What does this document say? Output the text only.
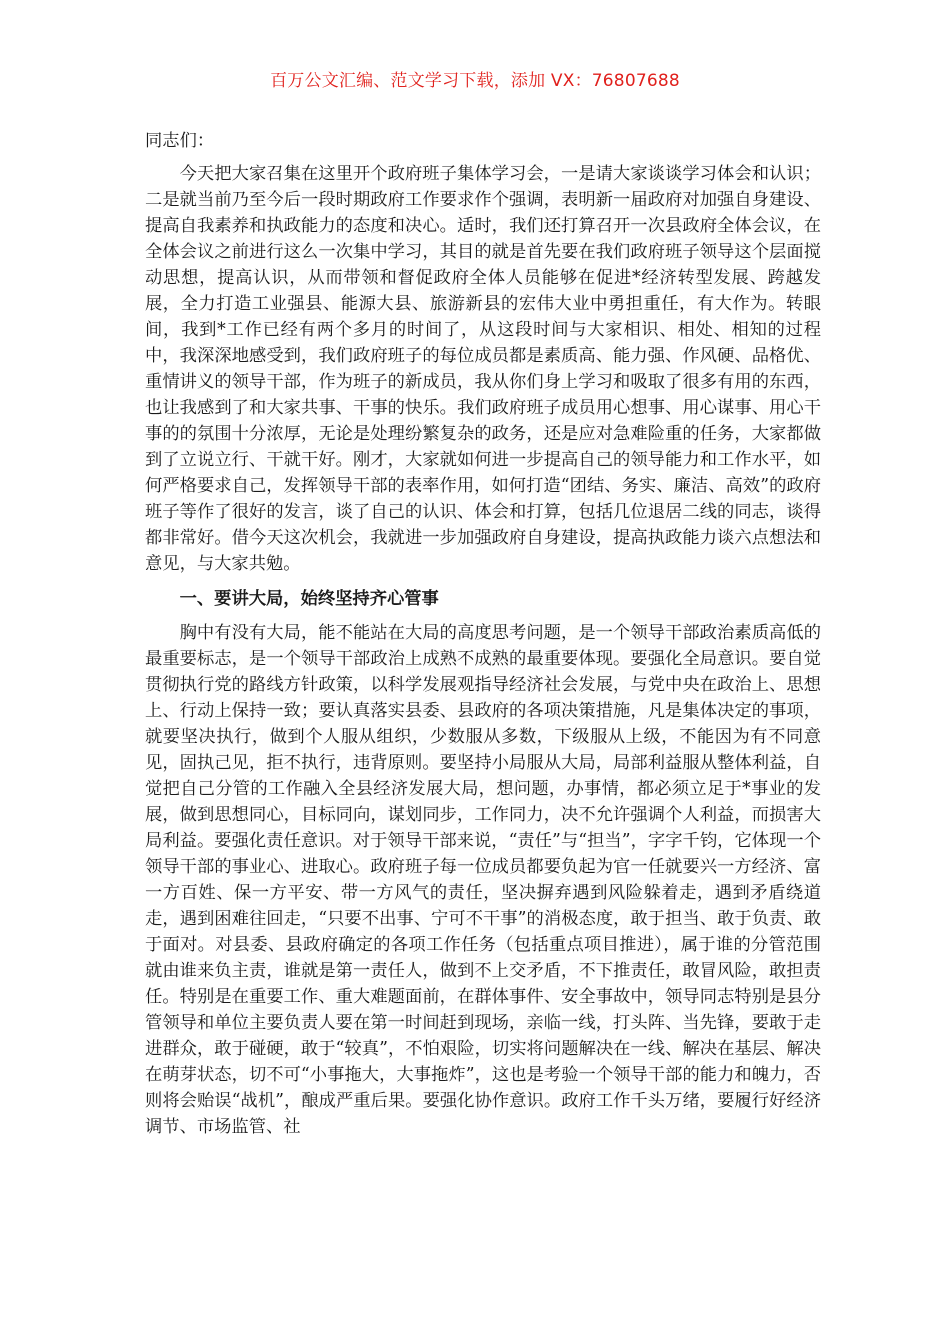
百万公文汇编、范文学习下载，添加 VX：76807688

同志们：

今天把大家召集在这里开个政府班子集体学习会，一是请大家谈谈学习体会和认识；二是就当前乃至今后一段时期政府工作要求作个强调，表明新一届政府对加强自身建设、提高自我素养和执政能力的态度和决心。适时，我们还打算召开一次县政府全体会议，在全体会议之前进行这么一次集中学习，其目的就是首先要在我们政府班子领导这个层面搅动思想，提高认识，从而带领和督促政府全体人员能够在促进*经济转型发展、跨越发展，全力打造工业强县、能源大县、旅游新县的宏伟大业中勇担重任，有大作为。转眼间，我到*工作已经有两个多月的时间了，从这段时间与大家相识、相处、相知的过程中，我深深地感受到，我们政府班子的每位成员都是素质高、能力强、作风硬、品格优、重情讲义的领导干部，作为班子的新成员，我从你们身上学习和吸取了很多有用的东西，也让我感到了和大家共事、干事的快乐。我们政府班子成员用心想事、用心谋事、用心干事的的氛围十分浓厚，无论是处理纷繁复杂的政务，还是应对急难险重的任务，大家都做到了立说立行、干就干好。刚才，大家就如何进一步提高自己的领导能力和工作水平，如何严格要求自己，发挥领导干部的表率作用，如何打造“团结、务实、廉洁、高效”的政府班子等作了很好的发言，谈了自己的认识、体会和打算，包括几位退居二线的同志，谈得都非常好。借今天这次机会，我就进一步加强政府自身建设，提高执政能力谈六点想法和意见，与大家共勉。

一、要讲大局，始终坚持齐心管事

胸中有没有大局，能不能站在大局的高度思考问题，是一个领导干部政治素质高低的最重要标志，是一个领导干部政治上成熟不成熟的最重要体现。要强化全局意识。要自觉贯彻执行党的路线方针政策，以科学发展观指导经济社会发展，与党中央在政治上、思想上、行动上保持一致；要认真落实县委、县政府的各项决策措施，凡是集体决定的事项，就要坚决执行，做到个人服从组织，少数服从多数，下级服从上级，不能因为有不同意见，固执己见，拒不执行，违背原则。要坚持小局服从大局，局部利益服从整体利益，自觉把自己分管的工作融入全县经济发展大局，想问题，办事情，都必须立足于*事业的发展，做到思想同心，目标同向，谋划同步，工作同力，决不允许强调个人利益，而损害大局利益。要强化责任意识。对于领导干部来说，“责任”与“担当”，字字千钧，它体现一个领导干部的事业心、进取心。政府班子每一位成员都要负起为官一任就要兴一方经济、富一方百姓、保一方平安、带一方风气的责任，坚决摒弃遇到风险躲着走，遇到矛盾绕道走，遇到困难往回走，“只要不出事、宁可不干事”的消极态度，敢于担当、敢于负责、敢于面对。对县委、县政府确定的各项工作任务（包括重点项目推进），属于谁的分管范围就由谁来负主责，谁就是第一责任人，做到不上交矛盾，不下推责任，敢冒风险，敢担责任。特别是在重要工作、重大难题面前，在群体事件、安全事故中，领导同志特别是县分管领导和单位主要负责人要在第一时间赶到现场，亲临一线，打头阵、当先锋，要敢于走进群众，敢于碰硬，敢于“较真”，不怕艰险，切实将问题解决在一线、解决在基层、解决在萌芽状态，切不可“小事拖大，大事拖炸”，这也是考验一个领导干部的能力和魄力，否则将会贻误“战机”，酿成严重后果。要强化协作意识。政府工作千头万绪，要履行好经济调节、市场监管、社
